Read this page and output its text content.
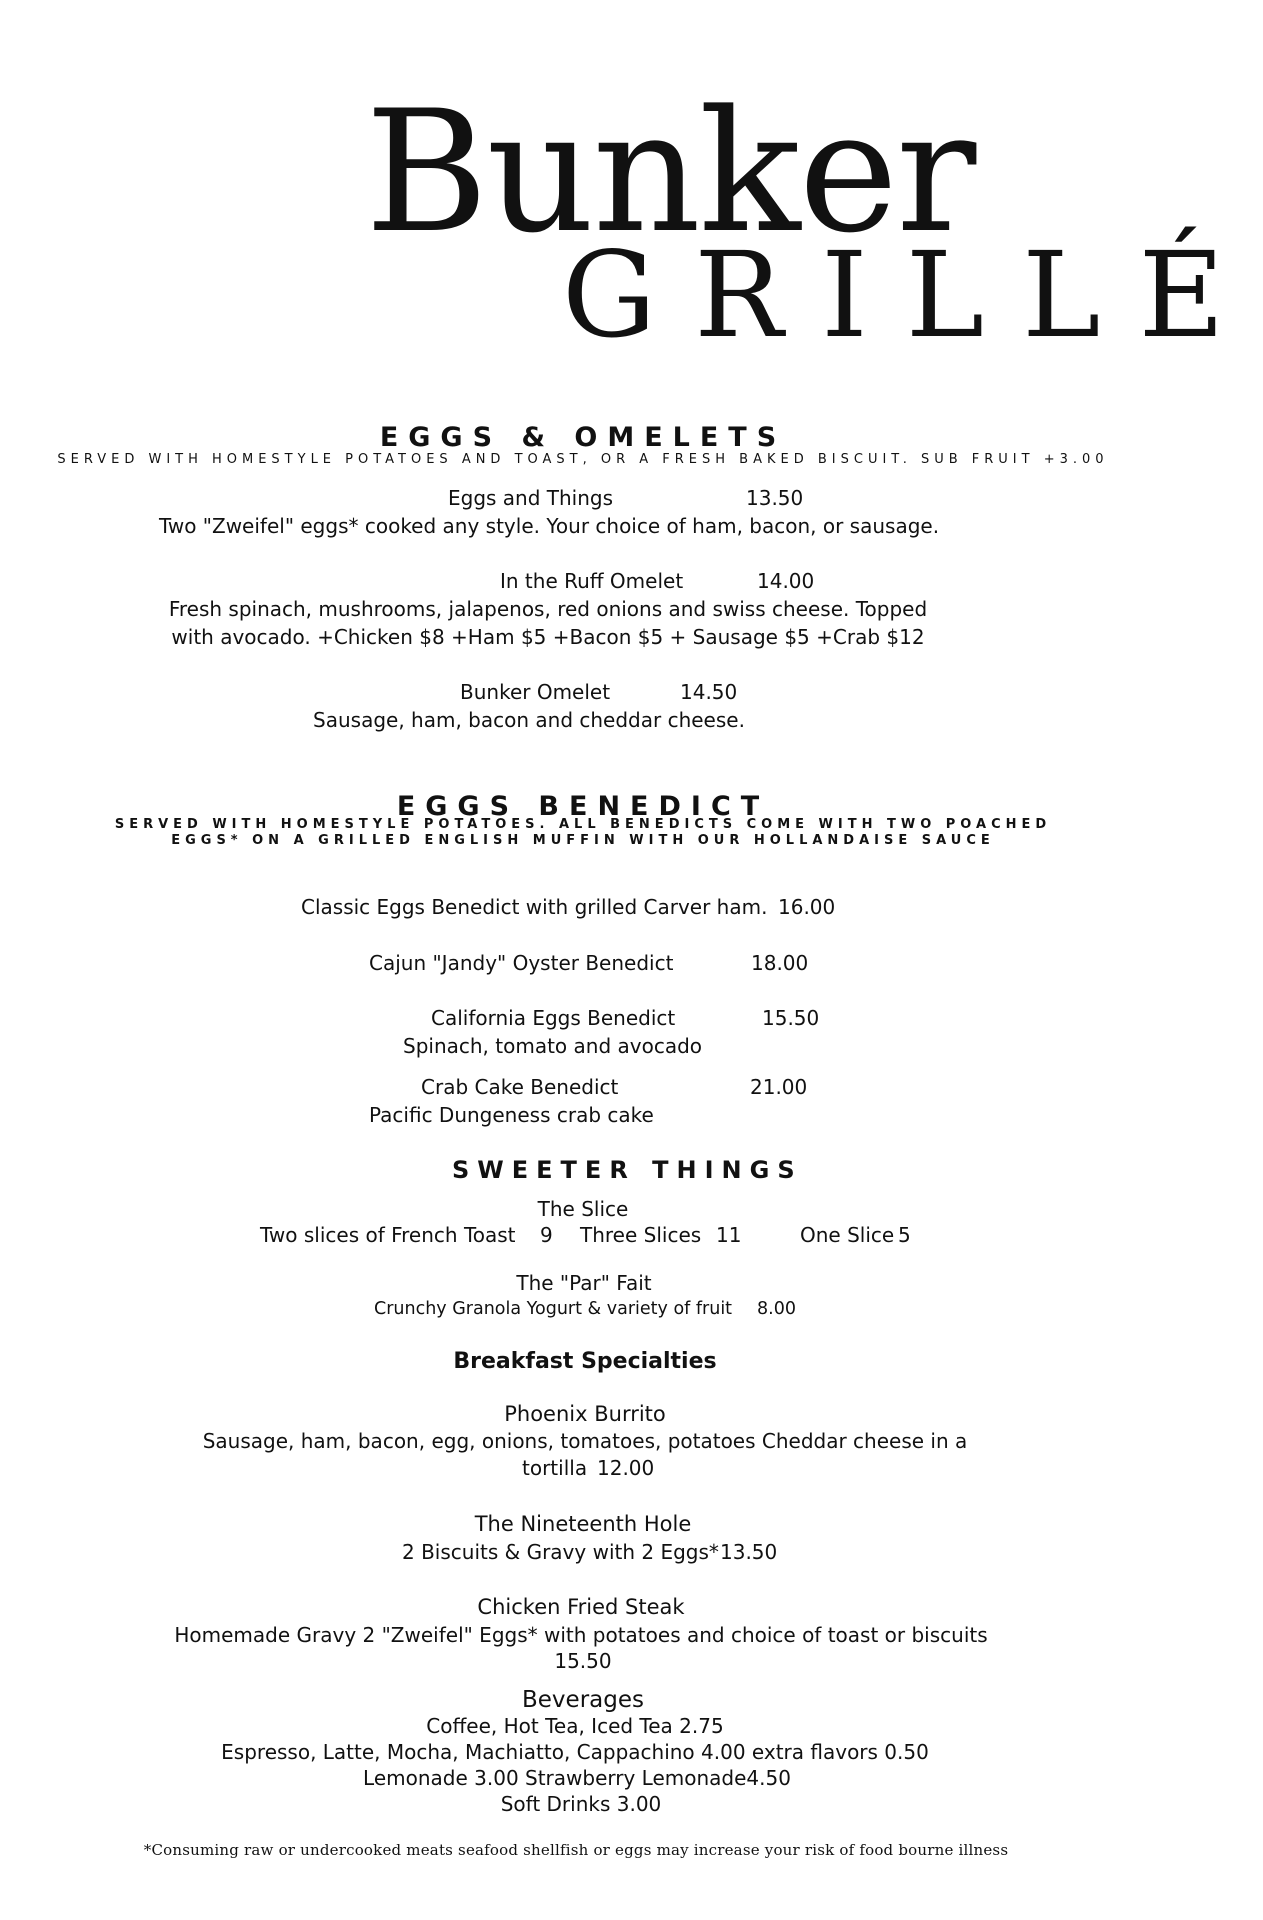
Bunker
GRILLÉ
EGGS & OMELETS
SERVED WITH HOMESTYLE POTATOES AND TOAST, OR A FRESH BAKED BISCUIT. SUB FRUIT +3.00
Eggs and Things	13.50
Two "Zweifel" eggs* cooked any style. Your choice of ham, bacon, or sausage.
In the Ruff Omelet	14.00
Fresh spinach, mushrooms, jalapenos, red onions and swiss cheese. Topped
with avocado. +Chicken $8 +Ham $5 +Bacon $5 + Sausage $5 +Crab $12
Bunker Omelet	14.50
Sausage, ham, bacon and cheddar cheese.
EGGS BENEDICT
SERVED WITH HOMESTYLE POTATOES. ALL BENEDICTS COME WITH TWO POACHED
EGGS* ON A GRILLED ENGLISH MUFFIN WITH OUR HOLLANDAISE SAUCE
Classic Eggs Benedict with grilled Carver ham. 16.00
Cajun "Jandy" Oyster Benedict	18.00
California Eggs Benedict	15.50
Spinach, tomato and avocado
Crab Cake Benedict	21.00
Pacific Dungeness crab cake
SWEETER THINGS
The Slice
Two slices of French Toast 9 Three Slices 11	One Slice 5
The "Par" Fait
Crunchy Granola Yogurt & variety of fruit 8.00
Breakfast Specialties
Phoenix Burrito
Sausage, ham, bacon, egg, onions, tomatoes, potatoes Cheddar cheese in a
tortilla 12.00
The Nineteenth Hole
2 Biscuits & Gravy with 2 Eggs* 13.50
Chicken Fried Steak
Homemade Gravy 2 "Zweifel" Eggs* with potatoes and choice of toast or biscuits
15.50
Beverages
Coffee, Hot Tea, Iced Tea 2.75
Espresso, Latte, Mocha, Machiatto, Cappachino 4.00 extra flavors 0.50
Lemonade 3.00 Strawberry Lemonade4.50
Soft Drinks 3.00
*Consuming raw or undercooked meats seafood shellfish or eggs may increase your risk of food bourne illness
